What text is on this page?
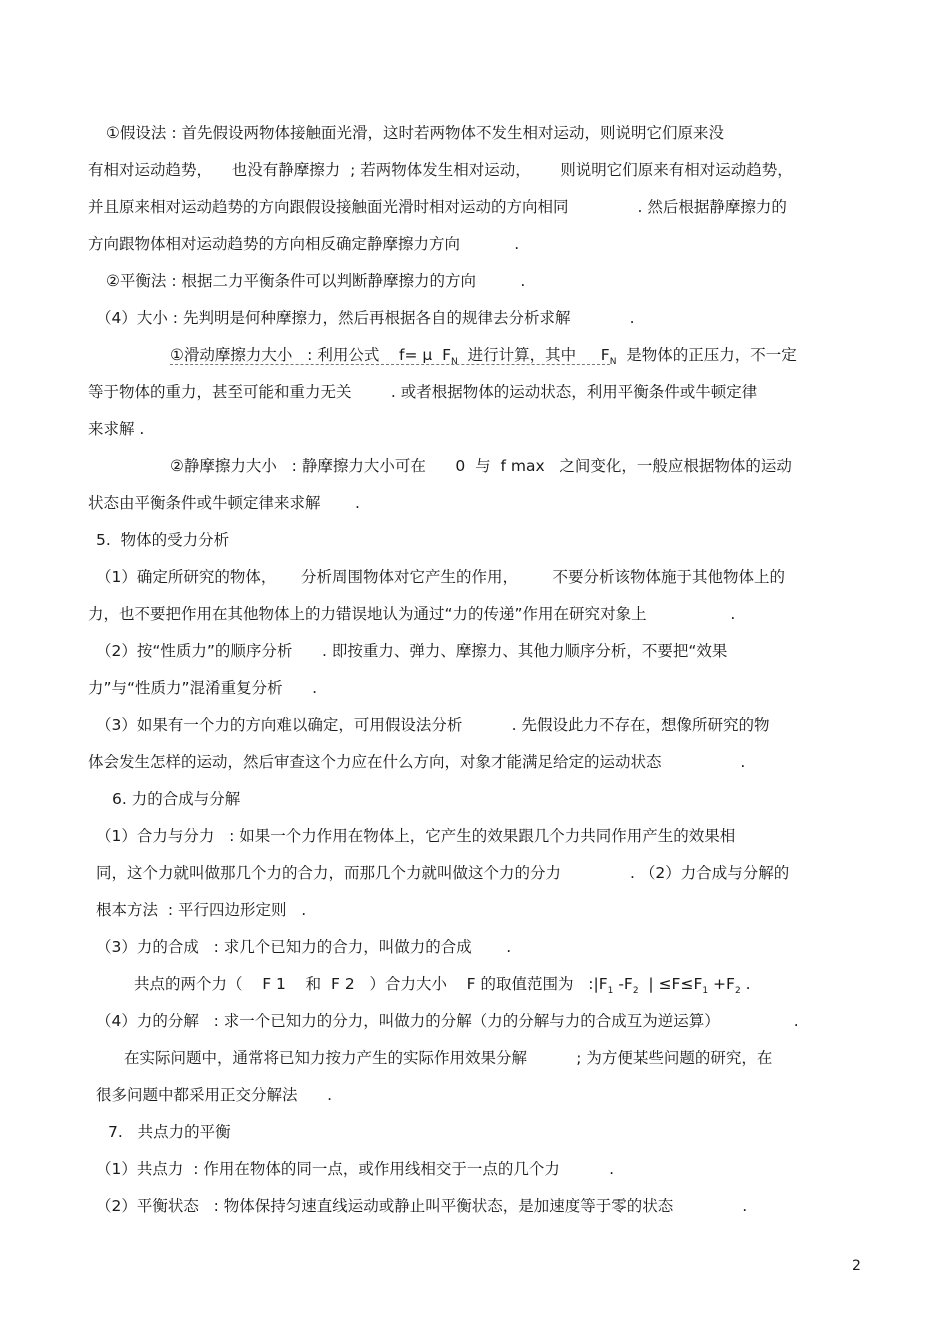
①假设法 : 首先假设两物体接触面光滑，这时若两物体不发生相对运动，则说明它们原来没
有相对运动趋势，    也没有静摩擦力  ; 若两物体发生相对运动，      则说明它们原来有相对运动趋势，
并且原来相对运动趋势的方向跟假设接触面光滑时相对运动的方向相同              . 然后根据静摩擦力的
方向跟物体相对运动趋势的方向相反确定静摩擦力方向           .
②平衡法 : 根据二力平衡条件可以判断静摩擦力的方向         .
（4）大小 : 先判明是何种摩擦力，然后再根据各自的规律去分析求解            .
①滑动摩擦力大小   : 利用公式    f= μ  $F_N$  进行计算，其中     $F_N$  是物体的正压力，不一定
等于物体的重力，甚至可能和重力无关        . 或者根据物体的运动状态，利用平衡条件或牛顿定律
来求解 .
②静摩擦力大小   : 静摩擦力大小可在      0  与  f max   之间变化，一般应根据物体的运动
状态由平衡条件或牛顿定律来求解       .
5.  物体的受力分析
（1）确定所研究的物体，     分析周围物体对它产生的作用，       不要分析该物体施于其他物体上的
力，也不要把作用在其他物体上的力错误地认为通过“力的传递”作用在研究对象上                 .
（2）按“性质力”的顺序分析      . 即按重力、弹力、摩擦力、其他力顺序分析，不要把“效果
力”与“性质力”混淆重复分析      .
（3）如果有一个力的方向难以确定，可用假设法分析          . 先假设此力不存在，想像所研究的物
体会发生怎样的运动，然后审查这个力应在什么方向，对象才能满足给定的运动状态                .
6. 力的合成与分解
（1）合力与分力   : 如果一个力作用在物体上，它产生的效果跟几个力共同作用产生的效果相
同，这个力就叫做那几个力的合力，而那几个力就叫做这个力的分力              . （2）力合成与分解的
根本方法  : 平行四边形定则   .
（3）力的合成   : 求几个已知力的合力，叫做力的合成       .
共点的两个力（    F 1    和  F 2   ）合力大小    F 的取值范围为   $:|F_1$ $-F_2$  | $\le F\le F_1 +F_2$ .
（4）力的分解   : 求一个已知力的分力，叫做力的分解（力的分解与力的合成互为逆运算）               .
在实际问题中，通常将已知力按力产生的实际作用效果分解          ; 为方便某些问题的研究，在
很多问题中都采用正交分解法      .
7.   共点力的平衡
（1）共点力  : 作用在物体的同一点，或作用线相交于一点的几个力          .
（2）平衡状态   : 物体保持匀速直线运动或静止叫平衡状态，是加速度等于零的状态              .
2
